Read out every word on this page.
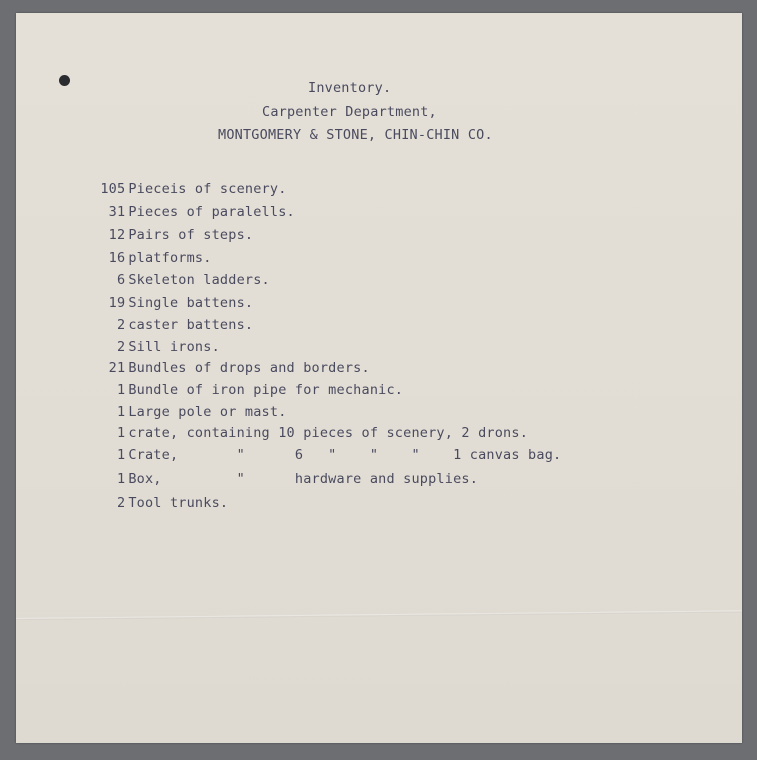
Inventory.
Carpenter Department,
MONTGOMERY & STONE, CHIN-CHIN CO.

105 Pieceis of scenery.

31 Pieces of paralells.

12 Pairs of steps.

16 platforms.

6 Skeleton ladders.

19 Single battens.

2 caster battens.

2 Sill irons.

21 Bundles of drops and borders.

1 Bundle of iron pipe for mechanic.

1 Large pole or mast.

1 crate, containing 10 pieces of scenery, 2 drons.

1 Crate,       "      6   "    "    "    1 canvas bag.

1 Box,         "      hardware and supplies.

2 Tool trunks.
